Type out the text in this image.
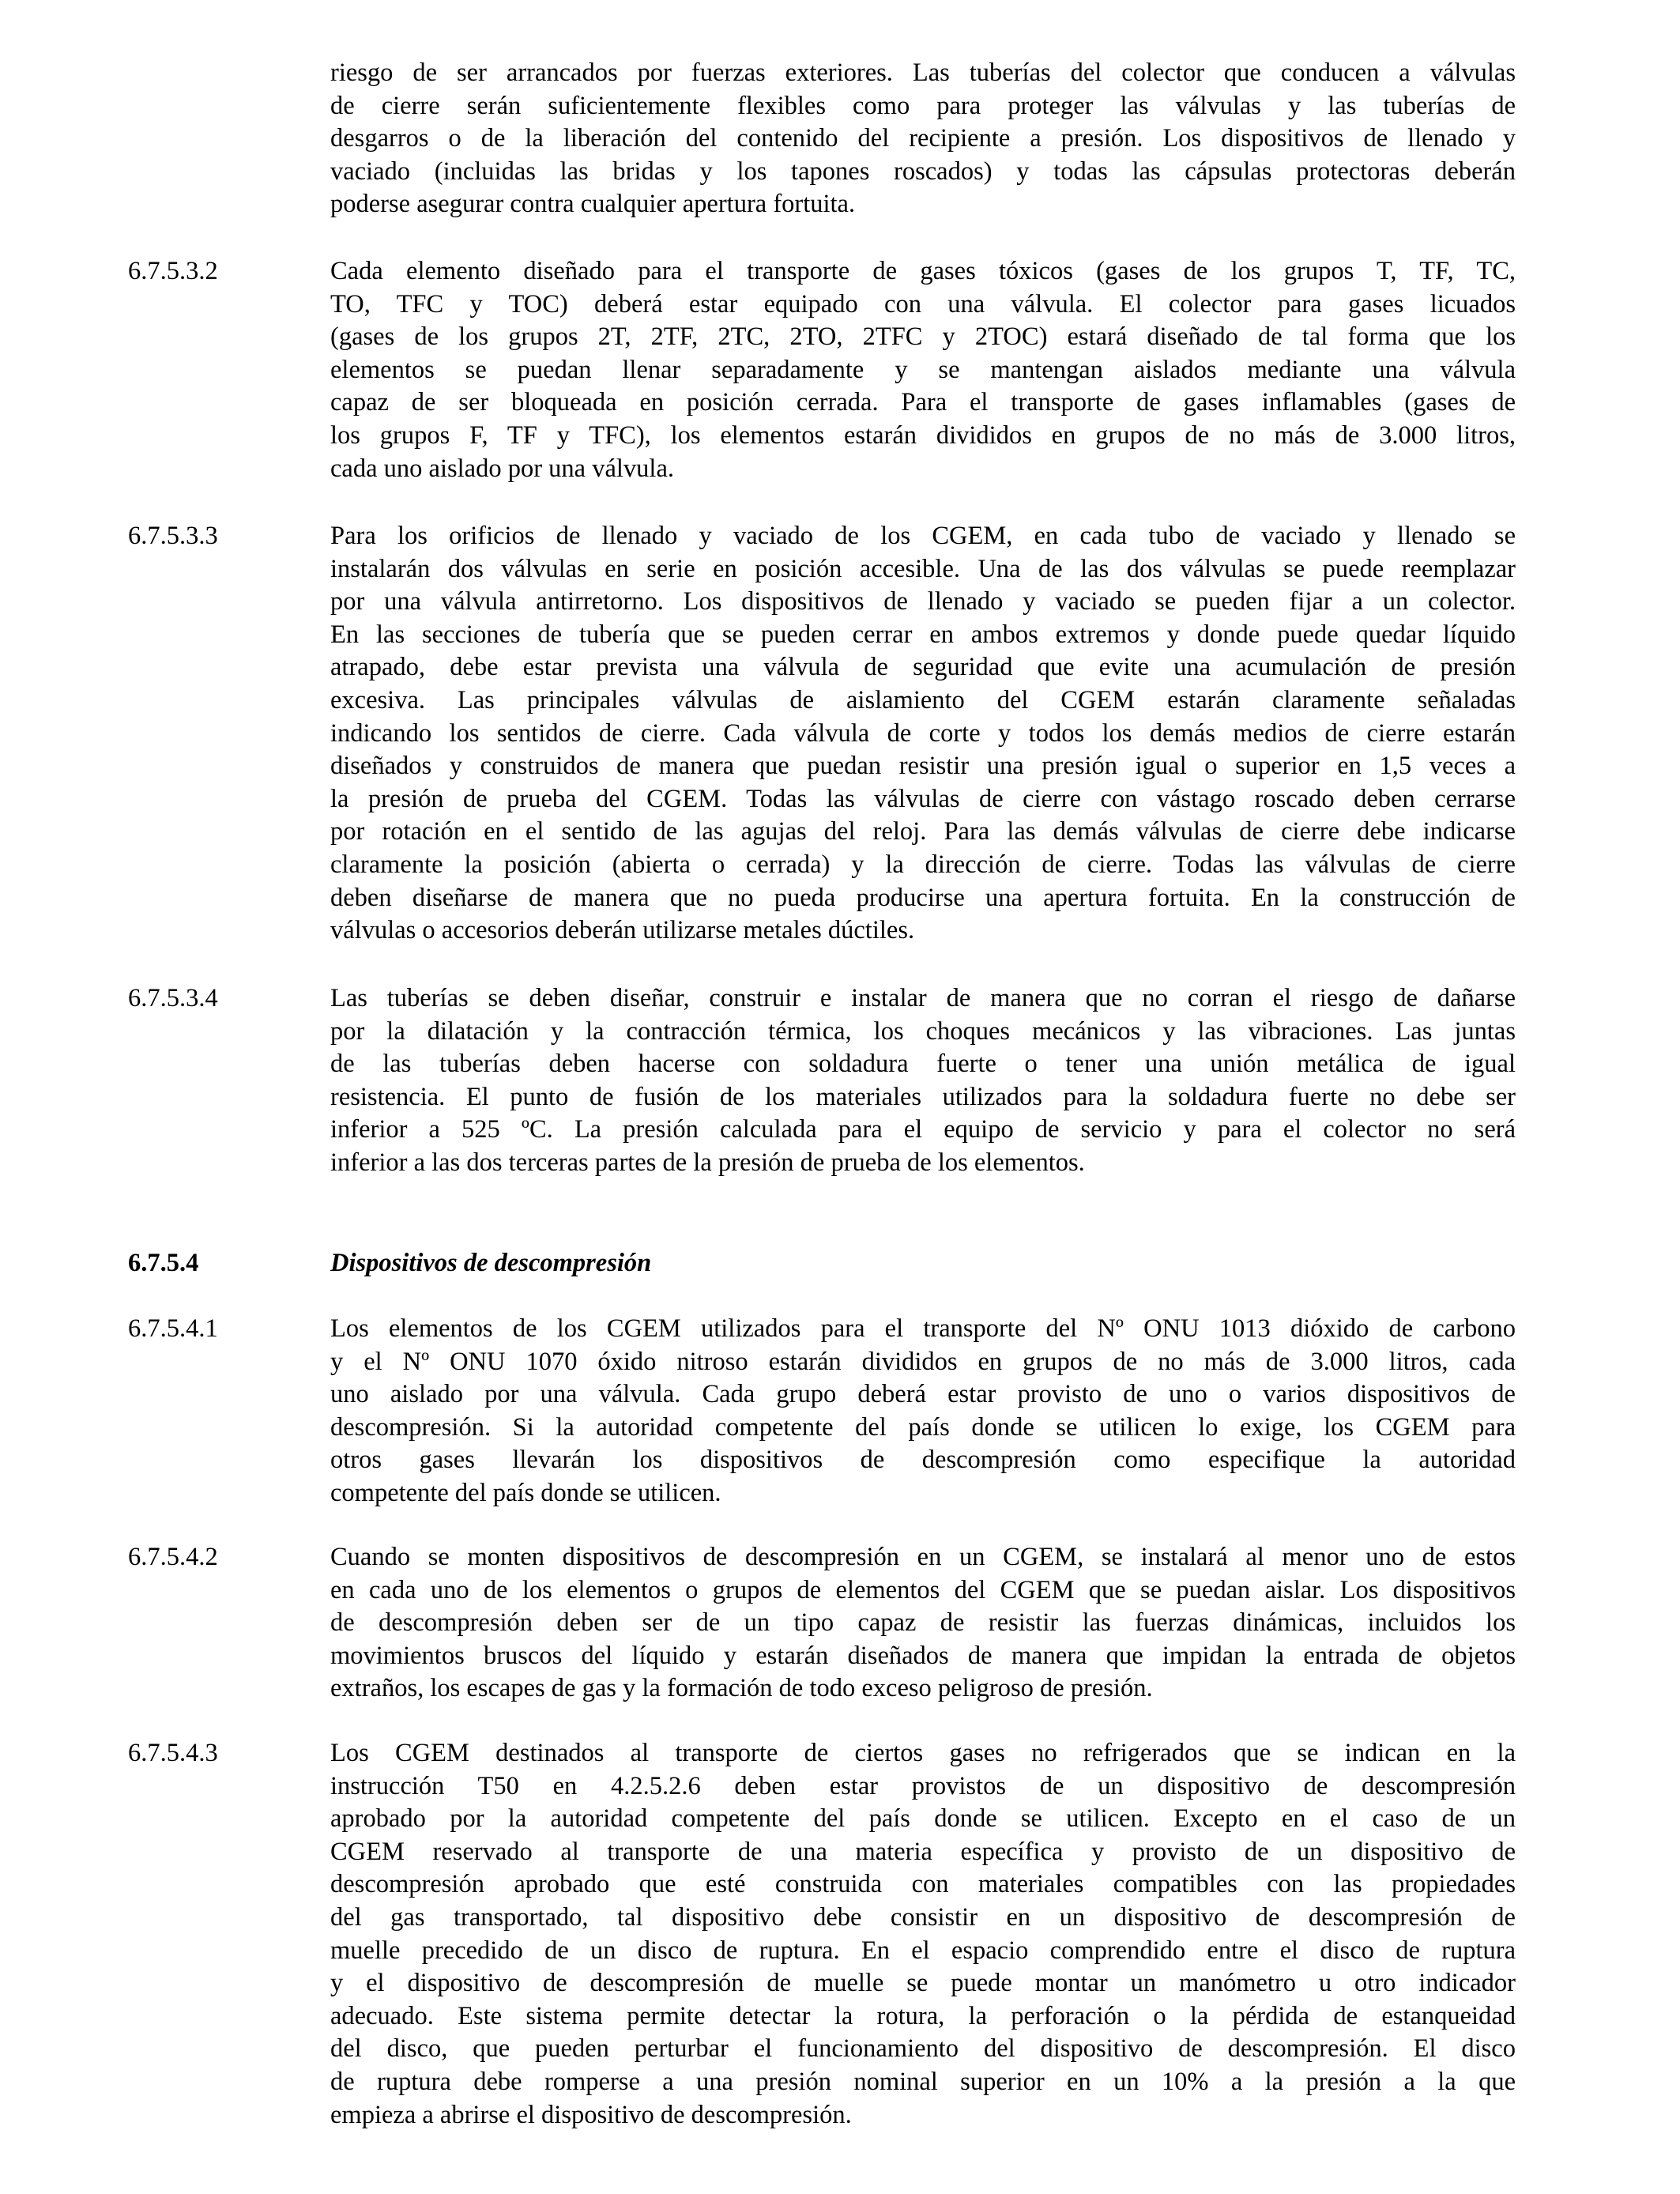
riesgo de ser arrancados por fuerzas exteriores. Las tuberías del colector que conducen a válvulas
de cierre serán suficientemente flexibles como para proteger las válvulas y las tuberías de
desgarros o de la liberación del contenido del recipiente a presión. Los dispositivos de llenado y
vaciado (incluidas las bridas y los tapones roscados) y todas las cápsulas protectoras deberán
poderse asegurar contra cualquier apertura fortuita.
6.7.5.3.2	Cada elemento diseñado para el transporte de gases tóxicos (gases de los grupos T, TF, TC,
TO, TFC y TOC) deberá estar equipado con una válvula. El colector para gases licuados
(gases de los grupos 2T, 2TF, 2TC, 2TO, 2TFC y 2TOC) estará diseñado de tal forma que los
elementos se puedan llenar separadamente y se mantengan aislados mediante una válvula
capaz de ser bloqueada en posición cerrada. Para el transporte de gases inflamables (gases de
los grupos F, TF y TFC), los elementos estarán divididos en grupos de no más de 3.000 litros,
cada uno aislado por una válvula.
6.7.5.3.3	Para los orificios de llenado y vaciado de los CGEM, en cada tubo de vaciado y llenado se
instalarán dos válvulas en serie en posición accesible. Una de las dos válvulas se puede reemplazar
por una válvula antirretorno. Los dispositivos de llenado y vaciado se pueden fijar a un colector.
En las secciones de tubería que se pueden cerrar en ambos extremos y donde puede quedar líquido
atrapado, debe estar prevista una válvula de seguridad que evite una acumulación de presión
excesiva. Las principales válvulas de aislamiento del CGEM estarán claramente señaladas
indicando los sentidos de cierre. Cada válvula de corte y todos los demás medios de cierre estarán
diseñados y construidos de manera que puedan resistir una presión igual o superior en 1,5 veces a
la presión de prueba del CGEM. Todas las válvulas de cierre con vástago roscado deben cerrarse
por rotación en el sentido de las agujas del reloj. Para las demás válvulas de cierre debe indicarse
claramente la posición (abierta o cerrada) y la dirección de cierre. Todas las válvulas de cierre
deben diseñarse de manera que no pueda producirse una apertura fortuita. En la construcción de
válvulas o accesorios deberán utilizarse metales dúctiles.
6.7.5.3.4	Las tuberías se deben diseñar, construir e instalar de manera que no corran el riesgo de dañarse
por la dilatación y la contracción térmica, los choques mecánicos y las vibraciones. Las juntas
de las tuberías deben hacerse con soldadura fuerte o tener una unión metálica de igual
resistencia. El punto de fusión de los materiales utilizados para la soldadura fuerte no debe ser
inferior a 525 ºC. La presión calculada para el equipo de servicio y para el colector no será
inferior a las dos terceras partes de la presión de prueba de los elementos.
6.7.5.4	Dispositivos de descompresión
6.7.5.4.1	Los elementos de los CGEM utilizados para el transporte del Nº ONU 1013 dióxido de carbono
y el Nº ONU 1070 óxido nitroso estarán divididos en grupos de no más de 3.000 litros, cada
uno aislado por una válvula. Cada grupo deberá estar provisto de uno o varios dispositivos de
descompresión. Si la autoridad competente del país donde se utilicen lo exige, los CGEM para
otros gases llevarán los dispositivos de descompresión como especifique la autoridad
competente del país donde se utilicen.
6.7.5.4.2	Cuando se monten dispositivos de descompresión en un CGEM, se instalará al menor uno de estos
en cada uno de los elementos o grupos de elementos del CGEM que se puedan aislar. Los dispositivos
de descompresión deben ser de un tipo capaz de resistir las fuerzas dinámicas, incluidos los
movimientos bruscos del líquido y estarán diseñados de manera que impidan la entrada de objetos
extraños, los escapes de gas y la formación de todo exceso peligroso de presión.
6.7.5.4.3	Los CGEM destinados al transporte de ciertos gases no refrigerados que se indican en la
instrucción T50 en 4.2.5.2.6 deben estar provistos de un dispositivo de descompresión
aprobado por la autoridad competente del país donde se utilicen. Excepto en el caso de un
CGEM reservado al transporte de una materia específica y provisto de un dispositivo de
descompresión aprobado que esté construida con materiales compatibles con las propiedades
del gas transportado, tal dispositivo debe consistir en un dispositivo de descompresión de
muelle precedido de un disco de ruptura. En el espacio comprendido entre el disco de ruptura
y el dispositivo de descompresión de muelle se puede montar un manómetro u otro indicador
adecuado. Este sistema permite detectar la rotura, la perforación o la pérdida de estanqueidad
del disco, que pueden perturbar el funcionamiento del dispositivo de descompresión. El disco
de ruptura debe romperse a una presión nominal superior en un 10% a la presión a la que
empieza a abrirse el dispositivo de descompresión.
